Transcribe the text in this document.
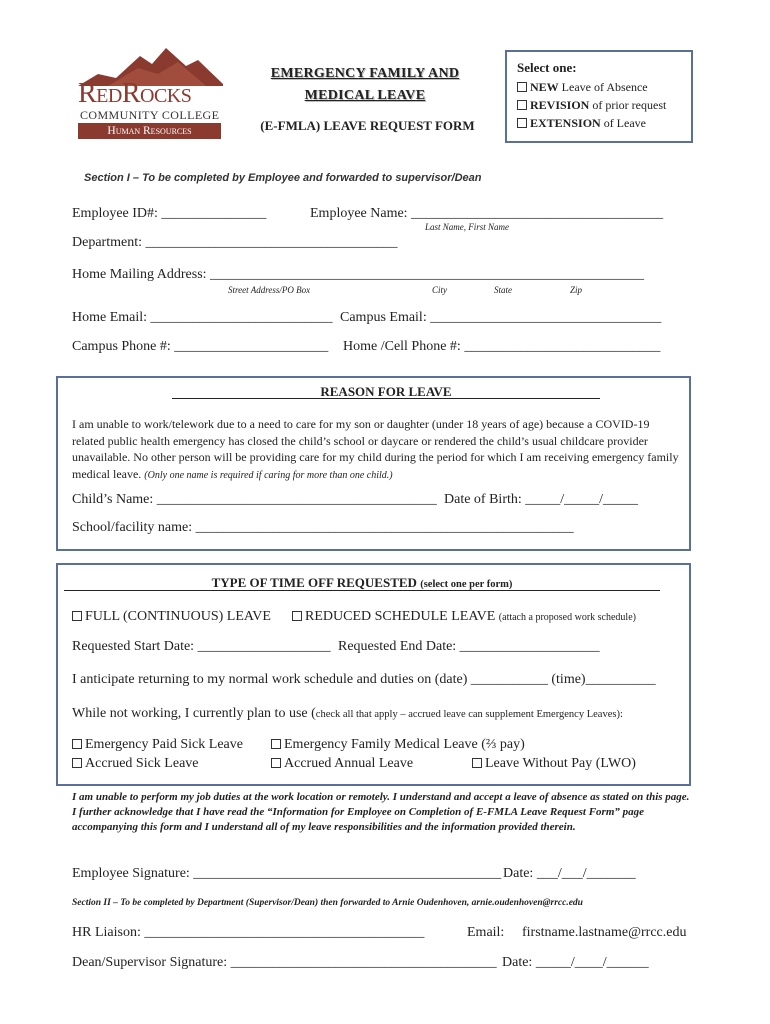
RedRocks
COMMUNITY COLLEGE
Human Resources
EMERGENCY FAMILY AND
MEDICAL LEAVE
(E-FMLA) LEAVE REQUEST FORM
Select one:
NEW Leave of Absence
REVISION of prior request
EXTENSION of Leave
Section I – To be completed by Employee and forwarded to supervisor/Dean
Employee ID#: _______________	Employee Name: ____________________________________
Last Name, First Name
Department: ____________________________________
Home Mailing Address: ______________________________________________________________
Street Address/PO Box	City	State	Zip
Home Email: __________________________ Campus Email: _________________________________
Campus Phone #: ______________________ Home /Cell Phone #: ____________________________
REASON FOR LEAVE
I am unable to work/telework due to a need to care for my son or daughter (under 18 years of age) because a COVID-19 related public health emergency has closed the child’s school or daycare or rendered the child’s usual childcare provider unavailable. No other person will be providing care for my child during the period for which I am receiving emergency family medical leave. (Only one name is required if caring for more than one child.)
Child’s Name: ________________________________________ Date of Birth: _____/_____/_____
School/facility name: ______________________________________________________
TYPE OF TIME OFF REQUESTED (select one per form)
FULL (CONTINUOUS) LEAVE	REDUCED SCHEDULE LEAVE (attach a proposed work schedule)
Requested Start Date: ___________________ Requested End Date: ____________________
I anticipate returning to my normal work schedule and duties on (date) ___________ (time)__________
While not working, I currently plan to use (check all that apply – accrued leave can supplement Emergency Leaves):
Emergency Paid Sick Leave	Emergency Family Medical Leave (⅔ pay)
Accrued Sick Leave	Accrued Annual Leave	Leave Without Pay (LWO)
I am unable to perform my job duties at the work location or remotely. I understand and accept a leave of absence as stated on this page. I further acknowledge that I have read the “Information for Employee on Completion of E-FMLA Leave Request Form” page accompanying this form and I understand all of my leave responsibilities and the information provided therein.
Employee Signature: ____________________________________________ Date: ___/___/_______
Section II – To be completed by Department (Supervisor/Dean) then forwarded to Arnie Oudenhoven, arnie.oudenhoven@rrcc.edu
HR Liaison: ________________________________________	Email: firstname.lastname@rrcc.edu
Dean/Supervisor Signature: ______________________________________ Date: _____/____/______
